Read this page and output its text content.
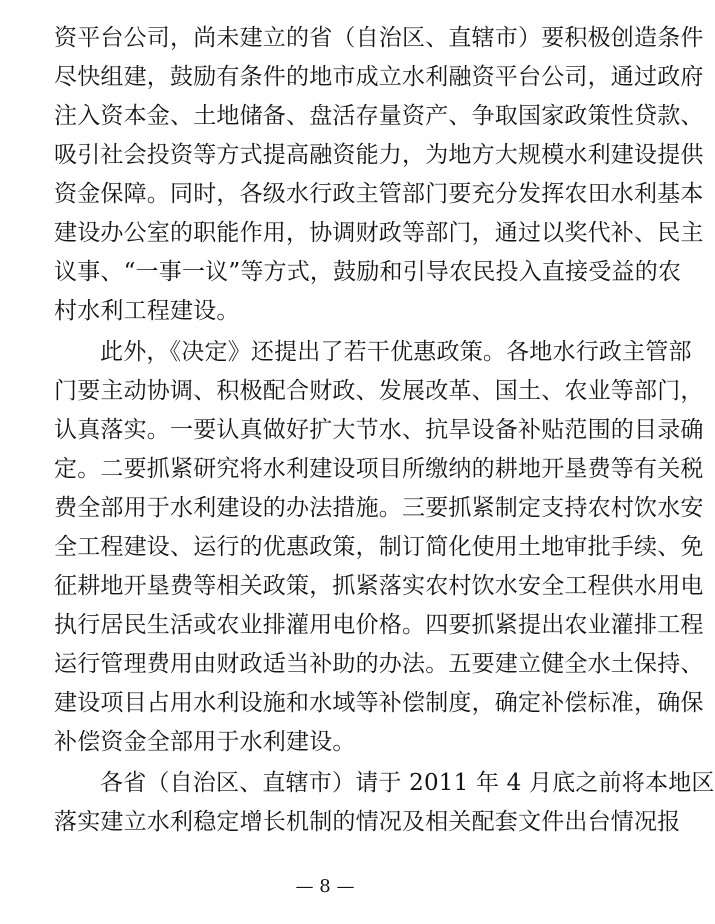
资平台公司，尚未建立的省（自治区、直辖市）要积极创造条件
尽快组建，鼓励有条件的地市成立水利融资平台公司，通过政府
注入资本金、土地储备、盘活存量资产、争取国家政策性贷款、
吸引社会投资等方式提高融资能力，为地方大规模水利建设提供
资金保障。同时，各级水行政主管部门要充分发挥农田水利基本
建设办公室的职能作用，协调财政等部门，通过以奖代补、民主
议事、“一事一议”等方式，鼓励和引导农民投入直接受益的农
村水利工程建设。
此外，《决定》还提出了若干优惠政策。各地水行政主管部
门要主动协调、积极配合财政、发展改革、国土、农业等部门，
认真落实。一要认真做好扩大节水、抗旱设备补贴范围的目录确
定。二要抓紧研究将水利建设项目所缴纳的耕地开垦费等有关税
费全部用于水利建设的办法措施。三要抓紧制定支持农村饮水安
全工程建设、运行的优惠政策，制订简化使用土地审批手续、免
征耕地开垦费等相关政策，抓紧落实农村饮水安全工程供水用电
执行居民生活或农业排灌用电价格。四要抓紧提出农业灌排工程
运行管理费用由财政适当补助的办法。五要建立健全水土保持、
建设项目占用水利设施和水域等补偿制度，确定补偿标准，确保
补偿资金全部用于水利建设。
各省（自治区、直辖市）请于 2011 年 4 月底之前将本地区
落实建立水利稳定增长机制的情况及相关配套文件出台情况报
— 8 —
